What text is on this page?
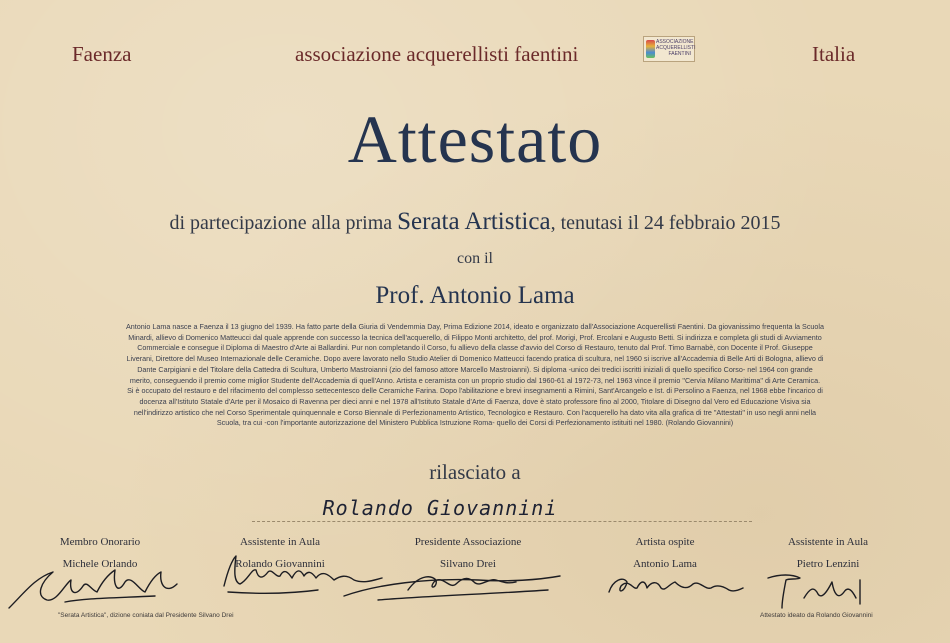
Faenza	associazione acquerellisti faentini	ASSOCIAZIONE
ACQUERELLISTI
FAENTINI	Italia
Attestato
di partecipazione alla prima Serata Artistica, tenutasi il 24 febbraio 2015
con il
Prof. Antonio Lama
Antonio Lama nasce a Faenza il 13 giugno del 1939. Ha fatto parte della Giuria di Vendemmia Day, Prima Edizione 2014, ideato e organizzato dall'Associazione Acquerellisti Faentini. Da giovanissimo frequenta la Scuola
Minardi, allievo di Domenico Matteucci dal quale apprende con successo la tecnica dell'acquerello, di Filippo Monti architetto, del prof. Morigi, Prof. Ercolani e Augusto Betti. Si indirizza e completa gli studi di Avviamento
Commerciale e consegue il Diploma di Maestro d'Arte ai Ballardini. Pur non completando il Corso, fu allievo della classe d'avvio del Corso di Restauro, tenuto dal Prof. Timo Barnabè, con Docente il Prof. Giuseppe
Liverani, Direttore del Museo Internazionale delle Ceramiche. Dopo avere lavorato nello Studio Atelier di Domenico Matteucci facendo pratica di scultura, nel 1960 si iscrive all'Accademia di Belle Arti di Bologna, allievo di
Dante Carpigiani e del Titolare della Cattedra di Scultura, Umberto Mastroianni (zio del famoso attore Marcello Mastroianni). Si diploma -unico dei tredici iscritti iniziali di quello specifico Corso- nel 1964 con grande
merito, conseguendo il premio come miglior Studente dell'Accademia di quell'Anno. Artista e ceramista con un proprio studio dal 1960-61 al 1972-73, nel 1963 vince il premio "Cervia Milano Marittima" di Arte Ceramica.
Si è occupato del restauro e del rifacimento del complesso settecentesco delle Ceramiche Farina. Dopo l'abilitazione e brevi insegnamenti a Rimini, Sant'Arcangelo e Ist. di Persolino a Faenza, nel 1968 ebbe l'incarico di
docenza all'Istituto Statale d'Arte per il Mosaico di Ravenna per dieci anni e nel 1978 all'Istituto Statale d'Arte di Faenza, dove è stato professore fino al 2000, Titolare di Disegno dal Vero ed Educazione Visiva sia
nell'indirizzo artistico che nel Corso Sperimentale quinquennale e Corso Biennale di Perfezionamento Artistico, Tecnologico e Restauro. Con l'acquerello ha dato vita alla grafica di tre "Attestati" in uso negli anni nella
Scuola, tra cui -con l'importante autorizzazione del Ministero Pubblica Istruzione Roma- quello dei Corsi di Perfezionamento istituiti nel 1980. (Rolando Giovannini)
rilasciato a
Rolando Giovannini
Membro Onorario
Michele Orlando
Assistente in Aula
Rolando Giovannini
Presidente Associazione
Silvano Drei
Artista ospite
Antonio Lama
Assistente in Aula
Pietro Lenzini
"Serata Artistica", dizione coniata dal Presidente Silvano Drei	Attestato ideato da Rolando Giovannini
